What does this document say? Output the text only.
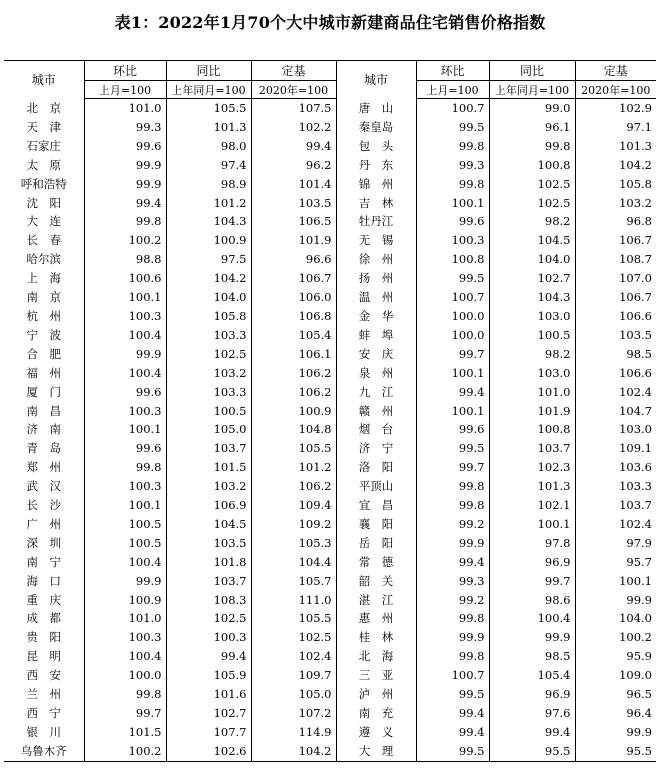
表1：2022年1月70个大中城市新建商品住宅销售价格指数
城市	环比	同比	定基	城市	环比	同比	定基
	上月=100	上年同月=100	2020年=100		上月=100	上年同月=100	2020年=100
北　京	101.0	105.5	107.5	唐　山	100.7	99.0	102.9
天　津	99.3	101.3	102.2	秦皇岛	99.5	96.1	97.1
石家庄	99.6	98.0	99.4	包　头	99.8	99.8	101.3
太　原	99.9	97.4	96.2	丹　东	99.3	100.8	104.2
呼和浩特	99.9	98.9	101.4	锦　州	99.8	102.5	105.8
沈　阳	99.4	101.2	103.5	吉　林	100.1	102.5	103.2
大　连	99.8	104.3	106.5	牡丹江	99.6	98.2	96.8
长　春	100.2	100.9	101.9	无　锡	100.3	104.5	106.7
哈尔滨	98.8	97.5	96.6	徐　州	100.8	104.0	108.7
上　海	100.6	104.2	106.7	扬　州	99.5	102.7	107.0
南　京	100.1	104.0	106.0	温　州	100.7	104.3	106.7
杭　州	100.3	105.8	106.8	金　华	100.0	103.0	106.6
宁　波	100.4	103.3	105.4	蚌　埠	100.0	100.5	103.5
合　肥	99.9	102.5	106.1	安　庆	99.7	98.2	98.5
福　州	100.4	103.2	106.2	泉　州	100.1	103.0	106.6
厦　门	99.6	103.3	106.2	九　江	99.4	101.0	102.4
南　昌	100.3	100.5	100.9	赣　州	100.1	101.9	104.7
济　南	100.1	105.0	104.8	烟　台	99.6	100.8	103.0
青　岛	99.6	103.7	105.5	济　宁	99.5	103.7	109.1
郑　州	99.8	101.5	101.2	洛　阳	99.7	102.3	103.6
武　汉	100.3	103.2	106.2	平顶山	99.8	101.3	103.3
长　沙	100.1	106.9	109.4	宜　昌	99.8	102.1	103.7
广　州	100.5	104.5	109.2	襄　阳	99.2	100.1	102.4
深　圳	100.5	103.5	105.3	岳　阳	99.9	97.8	97.9
南　宁	100.4	101.8	104.4	常　德	99.4	96.9	95.7
海　口	99.9	103.7	105.7	韶　关	99.3	99.7	100.1
重　庆	100.9	108.3	111.0	湛　江	99.2	98.6	99.9
成　都	101.0	102.5	105.5	惠　州	99.8	100.4	104.0
贵　阳	100.3	100.3	102.5	桂　林	99.9	99.9	100.2
昆　明	100.4	99.4	102.4	北　海	99.8	98.5	95.9
西　安	100.0	105.9	109.7	三　亚	100.7	105.4	109.0
兰　州	99.8	101.6	105.0	泸　州	99.5	96.9	96.5
西　宁	99.7	102.7	107.2	南　充	99.4	97.6	96.4
银　川	101.5	107.7	114.9	遵　义	99.4	99.4	99.9
乌鲁木齐	100.2	102.6	104.2	大　理	99.5	95.5	95.5
